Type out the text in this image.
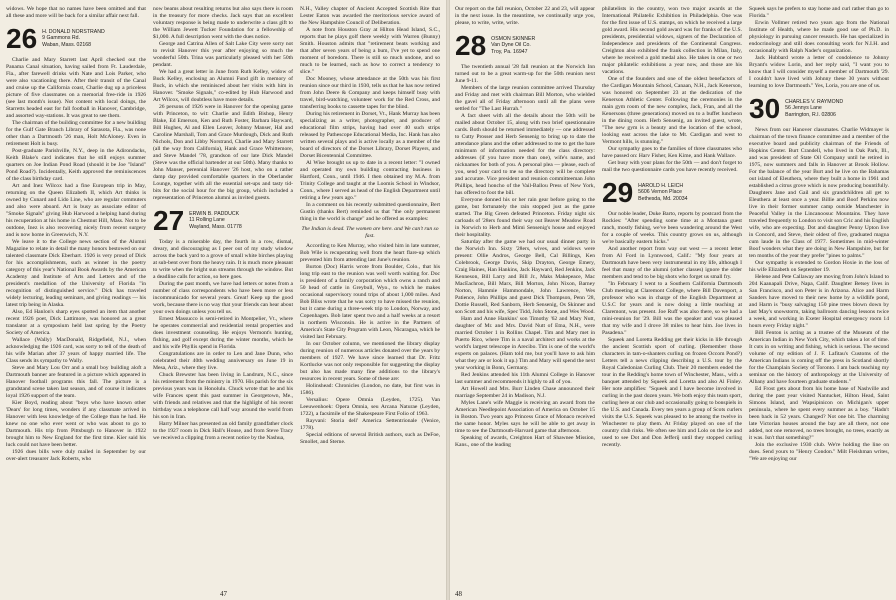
widows. We hope that no names have been omitted and that all these and more will be back for a similar affair next fall.

26 H. DONALD NORSTRAND
9 Gammons Rd.
Waban, Mass. 02168

Charlie and Mary Starrett last April checked out the Panama Canal situation, having sailed from Ft. Lauderdale, Fla., after farewell drinks with Nate and Lois Parker, who were also vacationing there. After their transit of the Canal and cruise up the California coast, Charlie dug up a priceless picture of five classmates on a memorial free-ride in 1926 (see last month's issue). Not content with local doings, the Starretts headed east for fall football in Hanover, Cambridge, and assorted way-stations. It was great to see them.

The chairman of the building committee for a new building for the Gulf Gate Branch Library of Sarasota, Fla., was none other than a Dartmouth '26 man, Holt McAloney. Even in retirement Holt is busy.

Post-graduate Parishville, N.Y., deep in the Adirondacks, Keith Blake's card indicates that he still enjoys summer quarters on Joe Indian Pond Road (should it be Joe "Island" Pond Road?). Incidentally, Keith approved the reminiscences of the class birthday card.

Art and Inez Wilcox had a fine European trip in May, returning on the Queen Elizabeth II, which Art thinks is owned by Cunard and Lido Line, who are regular commuters and also were aboard. Art is busy as associate editor of "Smoke Signals" giving Hub Harwood a helping hand during his recuperation at his home in Chestnut Hill, Mass. Not to be outdone, Inez is also recovering nicely from recent surgery and is now home in Greenwich, N.Y.

We leave it to the College news section of the Alumni Magazine to relate in detail the many honors bestowed on our talented classmate Dick Eberhart. 1926 is very proud of Dick for his accomplishments, such as winner in the poetry category of this year's National Book Awards by the American Academy and Institute of Arts and Letters and of the president's medallion of the University of Florida "in recognition of distinguished service." Dick has traveled widely lecturing, leading seminars, and giving readings — his latest trip being in Alaska.

Also, Ed Hanlon's sharp eyes spotted an item that another recent 1926 poet, Dick Lattimore, was honored as a great translator at a symposium held last spring by the Poetry Society of America.

Wallace (Wally) MacDonald, Ridgefield, N.J., when acknowledging the 1926 card, was sorry to tell of the death of his wife Marian after 37 years of happy married life. The Class sends its sympathy to Wally.

Steve and Mary Lou Orr and a small boy building aloft a Dartmouth banner are featured in a picture which appeared in Hanover football programs this fall. The picture is a grandstand scene taken last season, and of course it indicates loyal 1926 support of the team.

Kier Boyd, reading about "boys who have known other 'Dears' for long times, wonders if any classmate arrived in Hanover with less knowledge of the College than he had. He knew no one who ever went or who was about to go to Dartmouth. His trip from Pittsburgh to Hanover in 1922 brought him to New England for the first time. Kier said his luck could not have been better.

1926 dues bills were duly mailed in September by our over-alert treasurer Jack Roberts, who

now beams about resulting returns but also says there is room in the treasury for more checks. Jack says that an excellent voluntary response is being made to underwrite a class gift to the William Jewett Tucker Foundation for a fellowship of $1,000. A full description went with the dues notice.

George and Catrina Allen of Salt Lake City were sorry not to revisit Hanover this year after enjoying so much the wonderful 50th. Trina was particularly pleased with her 50th pendant.

We had a great letter in June from Ruth Kelley, widow of Buck Kelley, enclosing an Alumni Fund gift in memory of Buck, in which she reminisced about her visits with him in Hanover. "Smoke Signals," co-edited by Hub Harwood and Art Wilcox, will doubtless have more details.

26 persons of 1926 were in Hanover for the opening game with Princeton, to wit: Charlie and Edith Bishop, Henry Blake, Ed Emerson, Ken and Ruth Foster, Barbara Hayward, Bill Hughes, Al and Ellen Leaver, Johnny Manser, Hal and Caroline Marshall, Tom and Grace Murdough, Dick and Ruth Nichols, Don and Libby Norstrand, Charlie and Mary Starrett (all the way from California), Hank and Grace Whittemore, and Steve Mandel '78, grandson of our late Dick Mandel (Steve was the official bartender at our 50th). Many thanks to John Manser, perennial Hanover '26 host, who on a rather damp day provided comfortable quarters in the Oberlander Lounge, together with all the essential set-ups and tasty tid-bits for the social hour for the big group, which included a representation of Princeton alumni as invited guests.

27 ERWIN B. PADDUCK
11 Rolling Lane
Wayland, Mass. 01778

Today is a miserable day, the fourth in a row, dismal, dreary, and discouraging as I peer out of my study window across the back yard to a grove of small white birches playing at sub-bent over from the heavy rain. It is much more pleasant to write when the bright sun streams through the window. But a deadline calls for action, so here goes.

During the past month, we have had letters or notes from a number of class correspondents who have been more or less incommunicado for several years. Great! Keep up the good work, because there is no way that your friends can hear about your own doings unless you tell us.

Ernest Massucco is semi-retired in Montpelier, Vt., where he operates commercial and residential rental properties and does investment counseling. He enjoys Vermont's hunting, fishing, and golf except during the winter months, which he and his wife Phyllis spend in Florida.

Congratulations are in order to Len and Jane Dunn, who celebrated their 40th wedding anniversary on June 19 in Mesa, Ariz., where they live.

Chuck Brewster has been living in Landrum, N.C., since his retirement from the ministry in 1970. His parish for the six previous years was in Honolulu. Chuck wrote that he and his wife Frances spent this past summer in Georgetown, Me., with friends and relatives and that the highlight of his recent birthday was a telephone call half way around the world from his son in Iran.

Harry Milner has presented an old family grandfather clock to the 1927 room in Dick Hall's House, and from Steve Tracy we received a clipping from a recent notice by the Nashua,

N.H., Valley chapter of Ancient Accepted Scottish Rite that Lester Eaton was awarded the meritorious service award of the New Hampshire Council of Deliberation.

A note from Houston Gray at Hilton Head Island, S.C., reports that he plays golf there weekly with Warren (Bunny) Smith. Houston admits that "retirement beats working and that after seven years of being a bum, I've yet to spend one moment of boredom. There is still so much undone, and so much to be learned, such as how to correct a tendency to slice."

Doc Mooney, whose attendance at the 50th was his first reunion since our third in 1930, tells us that he has now retired from John Deere & Company and keeps himself busy with travel, bird-watching, volunteer work for the Red Cross, and transferring books to cassette tapes for the blind.

During his retirement in Dorset, Vt., Hank Murray has been specializing as a writer, photographer, and producer of educational film strips, having had over 40 such strips released by Pathescope Educational Media, Inc. Hank has also written several plays and is active locally as a member of the board of directors of the Dorset Library, Dorset Players, and Dorset Bicentennial Committee.

Al Wise brought us up to date in a recent letter: "I owned and operated my own building contracting business in Hartford, Conn., until 1946. I then obtained my M.A. from Trinity College and taught at the Loomis School in Windsor, Conn., where I served as head of the English Department until retiring a few years ago."

In a comment on his recently submitted questionnaire, Bert Gustin (thanks Bert) reminded us that "the only permanent thing in the world is change" and he offered as examples:

The Indian is dead. The women are here. and We can't run so fast.

According to Ken Murray, who visited him in late summer, Bob Wile is recuperating well from the heart flare-up which prevented him from attending last June's reunion.

Burton (Doc) Harris wrote from Boulder, Colo., that his long trip east to the reunion was well worth waiting for. Doc is president of a family corporation which owns a ranch and 50 head of cattle in Greybull, Wyo., to which he makes occasional supervisory round trips of about 1,000 miles. And Bob Bliss wrote that he was sorry to have missed the reunion, but it came during a three-week trip to London, Norway, and Copenhagen. Bob later spent two and a half weeks at a resort in northern Wisconsin. He is active in the Partners of America's State City Program with Leon, Nicaragua, which he visited last February.

In our October column, we mentioned the library display during reunion of numerous articles donated over the years by members of 1927. We have since learned that Dr. Fritz Kortlucke was not only responsible for suggesting the display but also has made many fine additions to the library's resources in recent years. Some of these are:

Holinshead: Chronicles (London, no date, but first was in 1586).

Versalius: Opere Omnia (Leyden, 1725). Van Leeuwenhoek: Opera Omnia, seu Arcana Naturae (Leyden, 1722), a facsimile of the Shakespeare First Folio of 1963.

Rayvani: Storia dell' America Settentrionale (Venice, 1778).

Special editions of several British authors, such as DeFoe, Smollet, and Sterne.

47

Our report on the fall reunion, October 22 and 23, will appear in the next issue. In the meantime, we continually urge you, please, to write, write, write.

28 OSMON SKINNER
Van Dyne Oil Co.
Troy, Pa. 16947

The twentieth annual '28 fall reunion at the Norwich Inn turned out to be a great warm-up for the 50th reunion next June 9-11.

Members of the large reunion committee arrived Thursday and Friday and met with chairman Bill Morton, who wielded the gavel all of Friday afternoon until all the plans were settled for "The Last Hurrah."

A fact sheet with all the details about the 50th will be mailed about October 15, along with two brief questionnaire cards. Both should be returned immediately — one addressed to Cutty Prosser and Herb Sensenig to bring up to date the attendance plans and the other addressed to me to get the bare minimum of information needed for the class directory: addresses (if you have more than one), wife's name, and nicknames for both of you. A personal plea — please, each of you, send your card to me so the directory will be complete and accurate. Vice president and reunion committeeman John Phillips, head honcho of the Vail-Ballou Press of New York, has offered to foot the bill.

Everyone donned his or her rain gear before going to the game, but fortunately the rain stopped just as the game started. The Big Green defeated Princeton. Friday night six carloads of '28ers found their way out Beaver Meadow Road in Norwich to Herb and Mimi Sensenig's house and enjoyed their hospitality.

Saturday after the game we had our usual dinner party in the Norwich Inn. Sixty '28ers, wives, and widows were present: Ollie Andros, George Bell, Cal Billings, Ken Colebrook, George Davis, Skip Drayton, George Emery, Craig Haines, Han Hankins, Jack Hayward, Red Jenkins, Jack Kenneson, Bill Larry and Bill Jr., Maks Makepeace, Mac MacEachron, Bill Marx, Bill Morton, John Nixon, Barney Norton, Hammie Hammondale, John Lawrence, Wes Patience, John Phillips and guest Dick Thompson, Penn '28, Dottie Russell, Red Sanborn, Herb Sensenig, Os Skinner and son Scott and his wife, Spec Tidd, John Stone, and Wes Wood.

Ham and Anne Hankins' son Timothy '62 and Mary Nutt, daughter of Mr. and Mrs. David Nutt of Etna, N.H., were married October 1 in Rollins Chapel. Tim and Mary met in Puerto Rico, where Tim is a naval architect and works at the world's largest telescope in Arecibo. Tim is one of the world's experts on palaces. (Ham told me, but you'll have to ask him what they are or look it up.) Tim and Mary will spend the next year working in Bonn, Germany.

Red Jenkins attended his 11th Alumni College in Hanover last summer and recommends it highly to all of you.

Art Howell and Mrs. Burr Linden Chase announced their marriage September 24 in Madison, N.J.

Myles Lane's wife Maggie is receiving an award from the American Needlepoint Association of America on October 15 in Boston. Two years ago Princess Grace of Monaco received the same honor. Myles says he will be able to get away in time to see the Dartmouth-Harvard game that afternoon.

Speaking of awards, Creighton Hart of Shawnee Mission, Kans., one of the leading

philatelists in the country, won two major awards at the International Philatelic Exhibition in Philadelphia. One was for the first issue of U.S. stamps, on which he received a large gold award. His second gold award was for franks of the U.S. presidents, presidential widows, signers of the Declaration of Independence and presidents of the Continental Congress. Creighton also exhibited the frank collection in Milan, Italy, where he received a gold medal also. He takes in one or two major philatelic exhibitions a year now, and those are his vacations.

One of the founders and one of the oldest benefactors of the Cardigan Mountain School, Canaan, N.H., Jack Kenerson, was honored on September 23 at the dedication of the Kenerson Athletic Center. Following the ceremonies in the main gym room of the new complex, Jack, Fran, and all the Kenersons (three generations) moved on to a buffet luncheon in the dining room. Herb Sensenig, an invited guest, wrote, "The new gym is a beauty and the location of the school, looking east across the lake to Mt. Cardigan and west to Vermont hills, is stunning."

Our sympathy goes to the families of three classmates who have passed on: Harv Fisher, Ken Kime, and Hank Wallace.

Get busy with your plans for the 50th — and don't forget to mail the two questionnaire cards you have recently received.

29 HAROLD H. LEICH
5606 Vernon Place
Bethesda, Md. 20034

Our noble leader, Duke Barto, reports by postcard from the Rockies: "After spending some time at a Montana guest ranch, mostly fishing, we've been wandering around the West for a couple of weeks. This country grows on us, although we're basically eastern hicks."

And another report from way out west — a recent letter from Al Ford in Lynnwood, Calif.: "My four years at Dartmouth have been very instrumental in my life, although I feel that many of the alumni (other classes) ignore the older members and tend to be big shots who forget us small fry.

"In February I went to a Southern California Dartmouth Club meeting at Claremont College, where Bill Davenport, a professor who was in charge of the English Department at U.S.C for years and is now doing a little teaching at Claremont, was present. Joe Ruff was also there, so we had a mini-reunion for '29. Bill was the speaker and was pleased that my wife and I drove 38 miles to hear him. Joe lives in Pasadena."

Squeek and Loretta Redding get their kicks in life through the ancient Scottish sport of curling. (Remember those characters in tam-o-shanters curling on frozen Occom Pond?) Letters tell a news clipping describing a U.S. tour by the Royal Caledonian Curling Club. Their 20 members ended the tour in the Redding's home town of Winchester, Mass., with a banquet attended by Squeek and Loretta and also Al Finley. Her note amplifies: "Squeek and I have become involved in curling in the past dozen years. We both enjoy this team sport, curling here at our club and occasionally going to bonspiels in the U.S. and Canada. Every ten years a group of Scots curlers visits the U.S. Squeek was pleased to be among the twelve in Winchester to play them. At Friday played on one of the country club rinks. We often see him and Lolo on the ice and used to see Dot and Don Jefferij until they stopped curling recently.

Squeek says he prefers to stay home and curl rather than go to Florida."

Erwin Vollmer retired two years ago from the National Institute of Health, where he made good use of Ph.D. in physiology in pursuing cancer research. He has specialized in endocrinology and still does consulting work for N.I.H. and occasionally with Ralph Nader's organization.

Jack Hubbard wrote a letter of condolence to Johnny Bryant's widow Lorin, and her reply said, "I want you to know that I will consider myself a member of Dartmouth '29. I couldn't have lived with Johnny these 30 years without learning to love Dartmouth." Yes, Loria, you are one of us.

30 CHARLES V. RAYMOND
56 Jennys Lane
Barrington, R.I. 02806

News from our Hanover classmates. Charlie Widmayer is chairman of the town finance committee and a member of the executive board and publicity chairman of the Friends of Hopkins Center. Burt Crandell, who lived in Oak Park, Ill., and was president of State Oil Company until he retired in 1975, now summers and falls in Hanover at Brook Hollow. For the balance of the year Burt and he live on the Bahamas out island of Eleuthera, where they built a home in 1961 and established a citrus grove which is now producing bountifully. Daughters Jane and Gail and six grandchildren all get to Eleuthera at least once a year. Billie and Boof Perkins now live in their former summer camp outside Manchester in Peaceful Valley in the Lincanoosuc Mountains. They have traveled frequently to London to visit son Cric and his English wife, who are expecting. Dot and daughter Penny Upton live in Concord, and Steve, their oldest of five, graduated magna cum laude in the Class of 1977. Sometimes in mid-winter Boof wonders what they are doing in New Hampshire, but for ten months of the year they prefer "pines to palms."

Our sympathy is extended to Gordon Hoxie in the loss of his wife Elizabeth on September 19.

Helene and Pete Callaway are moving from John's Island to 204 Kaanapali Drive, Napa, Calif. Daughter Betsey lives in San Francisco, and son Peter is in Arizona. Alice and Harm Sanders have moved to their new home by a wildlife pond, and Harm is "busy salvaging 150 pine trees blown down by last May's snowstorm, taking ballroom dancing lessons twice a week, and working in Exeter Hospital emergency room 14 hours every Friday night."

Bill Fenton is acting as a trustee of the Museum of the American Indian in New York City, which takes a lot of time. It cuts in on writing and fishing, which is serious. The second volume of my edition of J. F. Lafitau's Customs of the American Indians is coming off the press in Scotland shortly for the Champlain Society of Toronto. I am back teaching my seminar on the history of anthropology at the University of Albany and have fourteen graduate students."

Ed Frost gets about from his home base of Nashville and during the past year visited Nantucket, Hilton Head, Saint Simons Island, and Wapsipinicon on Michigan's upper peninsula, where he spent every summer as a boy. "Hadn't been back in 52 years. Changed? Not one bit. The charming late Victorian houses around the bay are all there, not one added, not one removed, no trees brought, no trees, exactly as it was. Isn't that something?"

Join the exclusive 1930 club. We're holding the line on dues. Send yours to "Henry Condon." Milt Fleishman writes, "We are enjoying our

48
